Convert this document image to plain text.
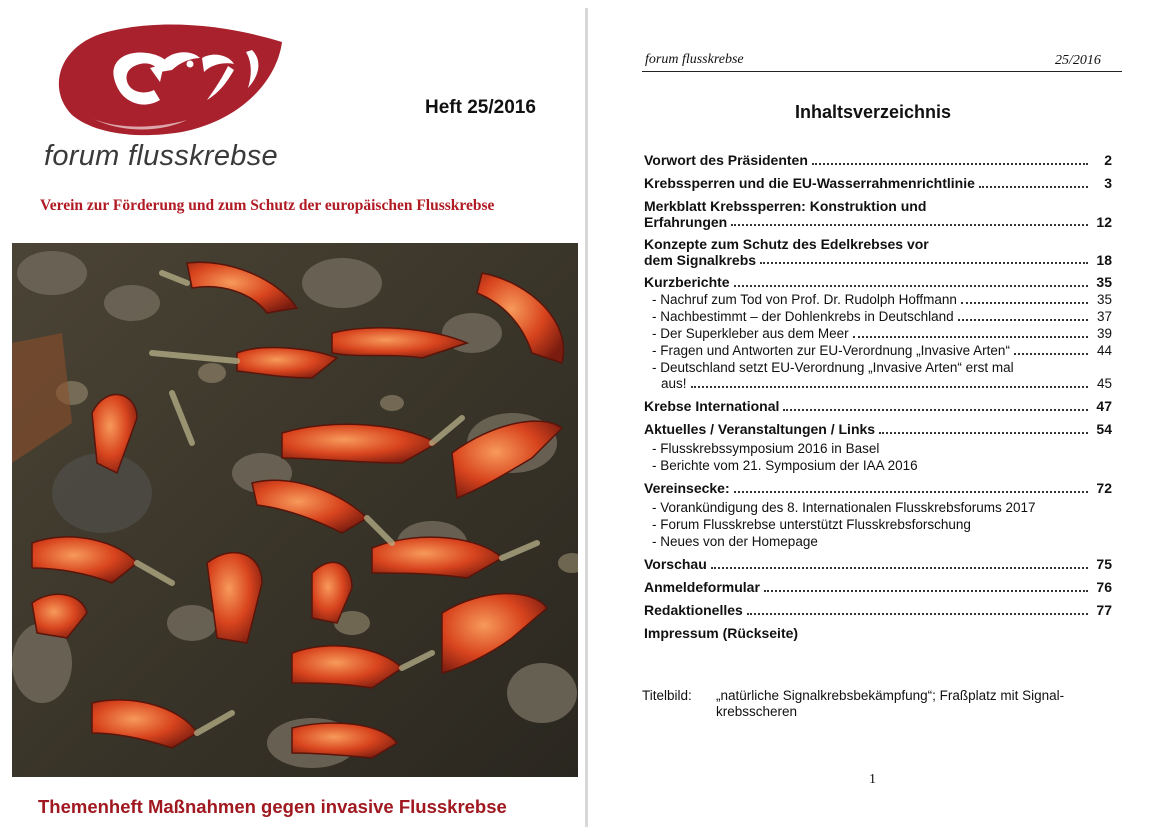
forum flusskrebse
Heft 25/2016
Verein zur Förderung und zum Schutz der europäischen Flusskrebse
Themenheft Maßnahmen gegen invasive Flusskrebse
forum flusskrebse	25/2016
Inhaltsverzeichnis
Vorwort des Präsidenten	2
Krebssperren und die EU-Wasserrahmenrichtlinie	3
Merkblatt Krebssperren: Konstruktion und
Erfahrungen	12
Konzepte zum Schutz des Edelkrebses vor
dem Signalkrebs	18
Kurzberichte	35
- Nachruf zum Tod von Prof. Dr. Rudolph Hoffmann	35
- Nachbestimmt – der Dohlenkrebs in Deutschland	37
- Der Superkleber aus dem Meer	39
- Fragen und Antworten zur EU-Verordnung „Invasive Arten“	44
- Deutschland setzt EU-Verordnung „Invasive Arten“ erst mal
aus!	45
Krebse International	47
Aktuelles / Veranstaltungen / Links	54
- Flusskrebssymposium 2016 in Basel
- Berichte vom 21. Symposium der IAA 2016
Vereinsecke:	72
- Vorankündigung des 8. Internationalen Flusskrebsforums 2017
- Forum Flusskrebse unterstützt Flusskrebsforschung
- Neues von der Homepage
Vorschau	75
Anmeldeformular	76
Redaktionelles	77
Impressum (Rückseite)
Titelbild:	„natürliche Signalkrebsbekämpfung“; Fraßplatz mit Signal-krebsscheren
1
